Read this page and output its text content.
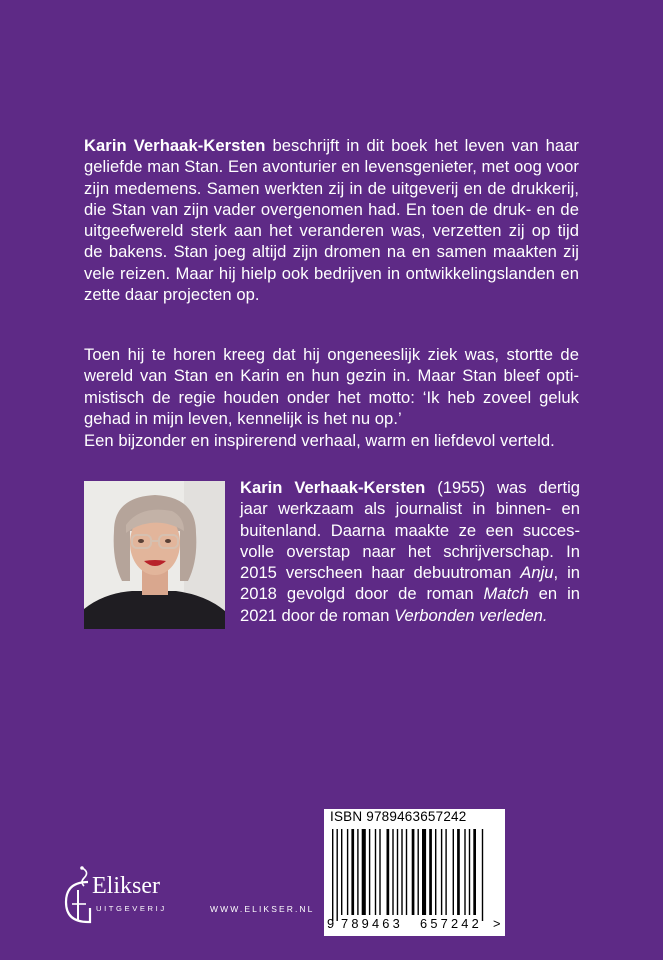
Karin Verhaak-Kersten beschrijft in dit boek het leven van haar geliefde man Stan. Een avonturier en levensgenieter, met oog voor zijn medemens. Samen werkten zij in de uitgeverij en de drukkerij, die Stan van zijn vader overgenomen had. En toen de druk- en de uitgeefwereld sterk aan het veranderen was, verzetten zij op tijd de bakens. Stan joeg altijd zijn dromen na en samen maakten zij vele reizen. Maar hij hielp ook bedrijven in ontwikkelingslanden en zette daar projecten op.

Toen hij te horen kreeg dat hij ongeneeslijk ziek was, stortte de wereld van Stan en Karin en hun gezin in. Maar Stan bleef optimistisch de regie houden onder het motto: ‘Ik heb zoveel geluk gehad in mijn leven, kennelijk is het nu op.’

Een bijzonder en inspirerend verhaal, warm en liefdevol verteld.

Karin Verhaak-Kersten (1955) was dertig jaar werkzaam als journalist in binnen- en buitenland. Daarna maakte ze een succesvolle overstap naar het schrijverschap. In 2015 verscheen haar debuutroman Anju, in 2018 gevolgd door de roman Match en in 2021 door de roman Verbonden verleden.

ISBN 9789463657242
9 789463 657242 >
Elikser
UITGEVERIJ	WWW.ELIKSER.NL
